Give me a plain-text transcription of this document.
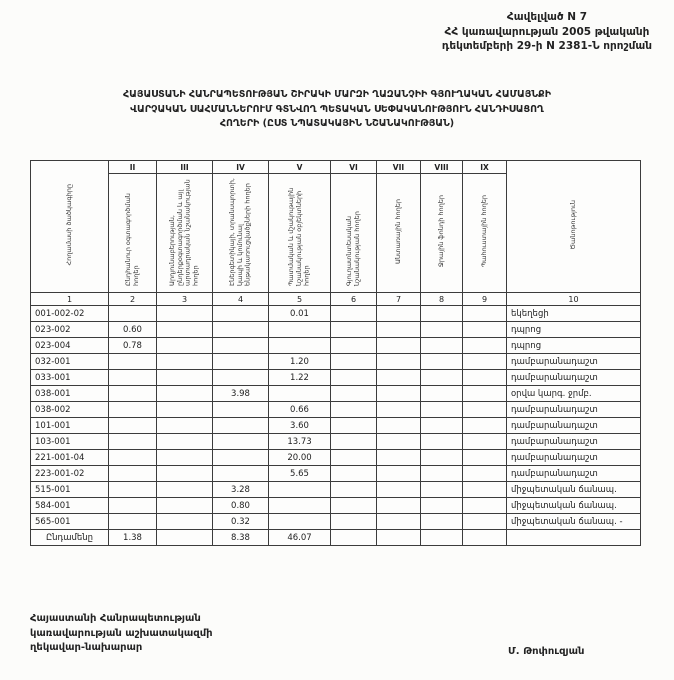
Հավելված N 7
ՀՀ կառավարության 2005 թվականի
դեկտեմբերի 29-ի N 2381-Ն որոշման
ՀԱՅԱՍՏԱՆԻ ՀԱՆՐԱՊԵՏՈՒԹՅԱՆ ՇԻՐԱԿԻ ՄԱՐԶԻ ՂԱԶԱՆՉԻԻ ԳՅՈՒՂԱԿԱՆ ՀԱՄԱՅՆՔԻ
ՎԱՐՉԱԿԱՆ ՍԱՀՄԱՆՆԵՐՈՒՄ ԳՏՆՎՈՂ ՊԵՏԱԿԱՆ ՍԵՓԱԿԱՆՈՒԹՅՈՒՆ ՀԱՆԴԻՍԱՑՈՂ
ՀՈՂԵՐԻ (ԸՍՏ ՆՊԱՏԱԿԱՅԻՆ ՆՇԱՆԱԿՈՒԹՅԱՆ)
Հողամասի ծածկագիրը	II	III	IV	V	VI	VII	VIII	IX	Ծանոթություն
	Ընդհանուր օգտագործման հողեր	Արդյունաբերության, ընդերքօգտագործման և այլ արտադրական նշանակության հողեր	Էներգետիկայի, տրանսպորտի, կապի և կոմունալ ենթակառուցվածքների հողեր	Պատմական և մշակութային նշանակության օբյեկտների հողեր	Գյուղատնտեսական նշանակության հողեր	Անտառային հողեր	Ջրային ֆոնդի հողեր	Պահուստային հողեր	
1	2	3	4	5	6	7	8	9	10
001-002-02				0.01					եկեղեցի
023-002	0.60								դպրոց
023-004	0.78								դպրոց
032-001				1.20					դամբարանադաշտ
033-001				1.22					դամբարանադաշտ
038-001			3.98						օրվա կարգ. ջրմբ.
038-002				0.66					դամբարանադաշտ
101-001				3.60					դամբարանադաշտ
103-001				13.73					դամբարանադաշտ
221-001-04				20.00					դամբարանադաշտ
223-001-02				5.65					դամբարանադաշտ
515-001			3.28						միջպետական ճանապ.
584-001			0.80						միջպետական ճանապ.
565-001			0.32						միջպետական ճանապ. -
Ընդամենը	1.38		8.38	46.07					
Հայաստանի Հանրապետության
կառավարության աշխատակազմի
ղեկավար-նախարար	Մ. Թոփուզյան
